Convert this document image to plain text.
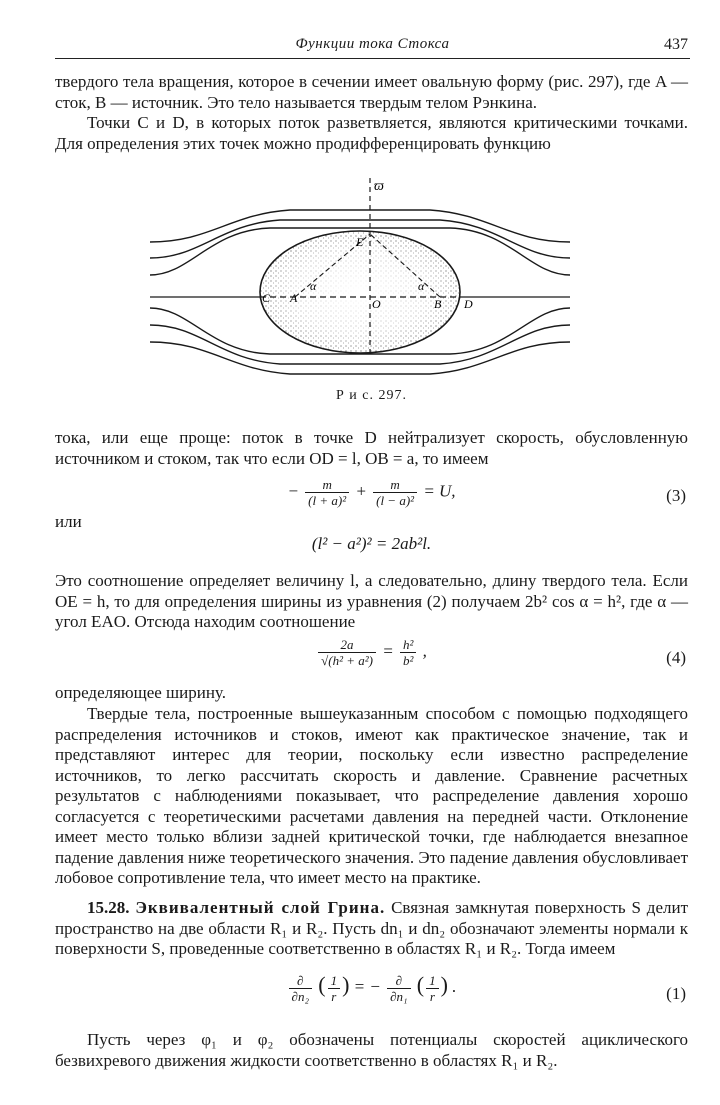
Функции тока Стокса	437

твердого тела вращения, которое в сечении имеет овальную форму (рис. 297), где A — сток, B — источник. Это тело называется твердым телом Рэнкина.

Точки C и D, в которых поток разветвляется, являются критическими точками. Для определения этих точек можно продифференцировать функцию

ϖ
E
A	B
C	D
O
α	α
Р и с. 297.

тока, или еще проще: поток в точке D нейтрализует скорость, обусловленную источником и стоком, так что если OD = l, OB = a, то имеем

− $\frac{m}{\text{(l + a)²}} + \frac{m}{\text{(l − a)²}} = U$,	(3)

или

(l² − a²)² = 2ab²l.

Это соотношение определяет величину l, а следовательно, длину твердого тела. Если OE = h, то для определения ширины из уравнения (2) получаем 2b² cos α = h², где α — угол EAO. Отсюда находим соотношение

$\frac{2a}{\text{√(h² + a²)}} = \frac{\text{h²}}{\text{b²}}$ ,	(4)

определяющее ширину.

Твердые тела, построенные вышеуказанным способом с помощью подходящего распределения источников и стоков, имеют как практическое значение, так и представляют интерес для теории, поскольку если известно распределение источников, то легко рассчитать скорость и давление. Сравнение расчетных результатов с наблюдениями показывает, что распределение давления хорошо согласуется с теоретическими расчетами давления на передней части. Отклонение имеет место только вблизи задней критической точки, где наблюдается внезапное падение давления ниже теоретического значения. Это падение давления обусловливает лобовое сопротивление тела, что имеет место на практике.

15.28. Эквивалентный слой Грина. Связная замкнутая поверхность S делит пространство на две области R₁ и R₂. Пусть dn₁ и dn₂ обозначают элементы нормали к поверхности S, проведенные соответственно в областях R₁ и R₂. Тогда имеем

$\frac{\partial}{\text{∂n₂}}$ ( $\frac{1}{r}$ ) = − $\frac{\partial}{\text{∂n₁}}$ ( $\frac{1}{r}$ ) .	(1)

Пусть через φ₁ и φ₂ обозначены потенциалы скоростей ациклического безвихревого движения жидкости соответственно в областях R₁ и R₂.
